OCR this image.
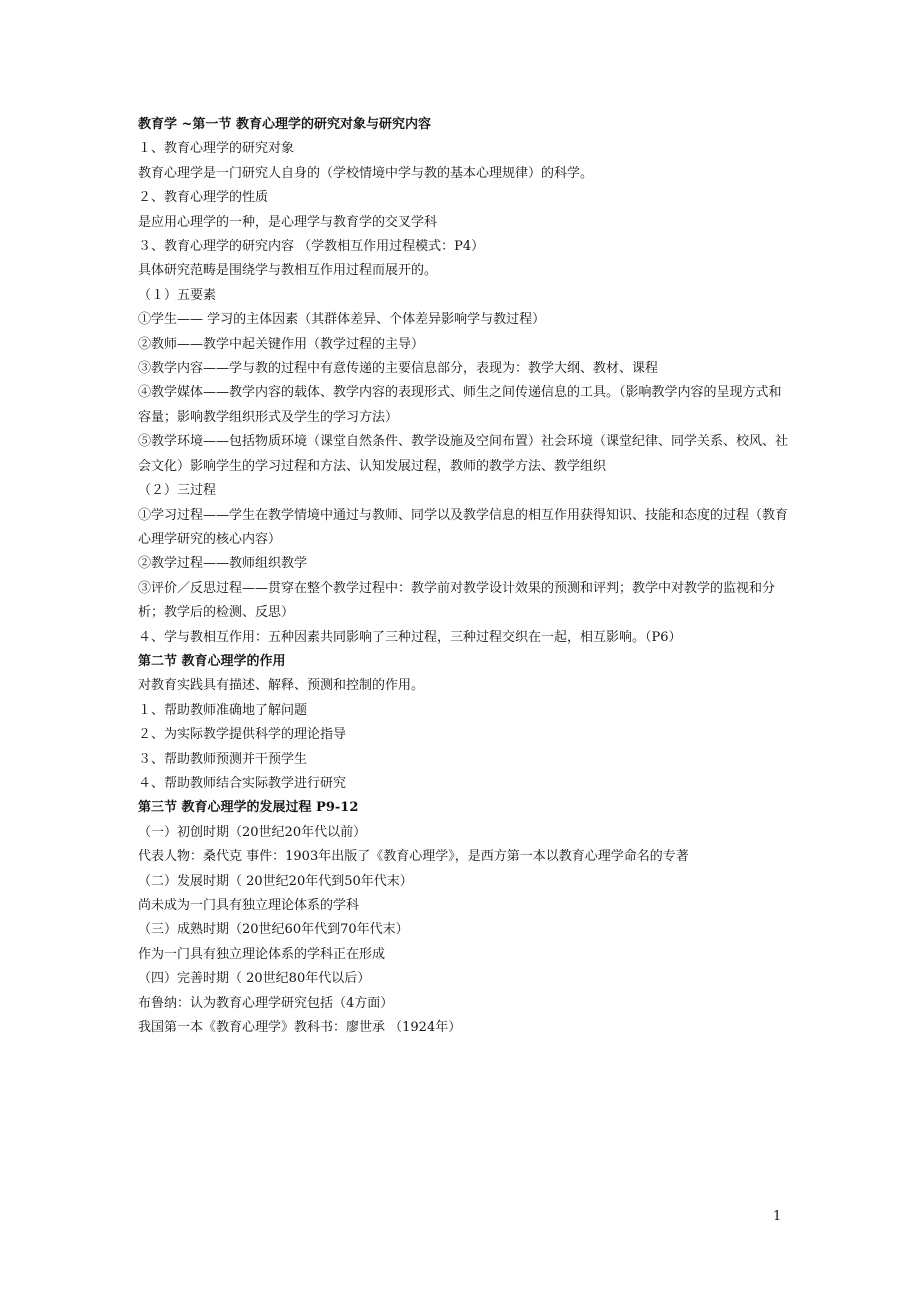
教育学 ~第一节 教育心理学的研究对象与研究内容
１、教育心理学的研究对象
教育心理学是一门研究人自身的（学校情境中学与教的基本心理规律）的科学。
２、教育心理学的性质
是应用心理学的一种，是心理学与教育学的交叉学科
３、教育心理学的研究内容 （学教相互作用过程模式：P4）
具体研究范畴是围绕学与教相互作用过程而展开的。
（１）五要素
①学生—— 学习的主体因素（其群体差异、个体差异影响学与教过程）
②教师——教学中起关键作用（教学过程的主导）
③教学内容——学与教的过程中有意传递的主要信息部分，表现为：教学大纲、教材、课程
④教学媒体——教学内容的载体、教学内容的表现形式、师生之间传递信息的工具。（影响教学内容的呈现方式和容量；影响教学组织形式及学生的学习方法）
⑤教学环境——包括物质环境（课堂自然条件、教学设施及空间布置）社会环境（课堂纪律、同学关系、校风、社会文化）影响学生的学习过程和方法、认知发展过程，教师的教学方法、教学组织
（２）三过程
①学习过程——学生在教学情境中通过与教师、同学以及教学信息的相互作用获得知识、技能和态度的过程（教育心理学研究的核心内容）
②教学过程——教师组织教学
③评价／反思过程——贯穿在整个教学过程中：教学前对教学设计效果的预测和评判；教学中对教学的监视和分析；教学后的检测、反思）
４、学与教相互作用：五种因素共同影响了三种过程，三种过程交织在一起，相互影响。（P6）
第二节 教育心理学的作用
对教育实践具有描述、解释、预测和控制的作用。
１、帮助教师准确地了解问题
２、为实际教学提供科学的理论指导
３、帮助教师预测并干预学生
４、帮助教师结合实际教学进行研究
第三节 教育心理学的发展过程 P9-12
（一）初创时期（20世纪20年代以前）
代表人物：桑代克 事件：1903年出版了《教育心理学》，是西方第一本以教育心理学命名的专著
（二）发展时期（ 20世纪20年代到50年代末）
尚未成为一门具有独立理论体系的学科
（三）成熟时期（20世纪60年代到70年代末）
作为一门具有独立理论体系的学科正在形成
（四）完善时期（ 20世纪80年代以后）
布鲁纳：认为教育心理学研究包括（4方面）
我国第一本《教育心理学》教科书：廖世承 （1924年）
1
